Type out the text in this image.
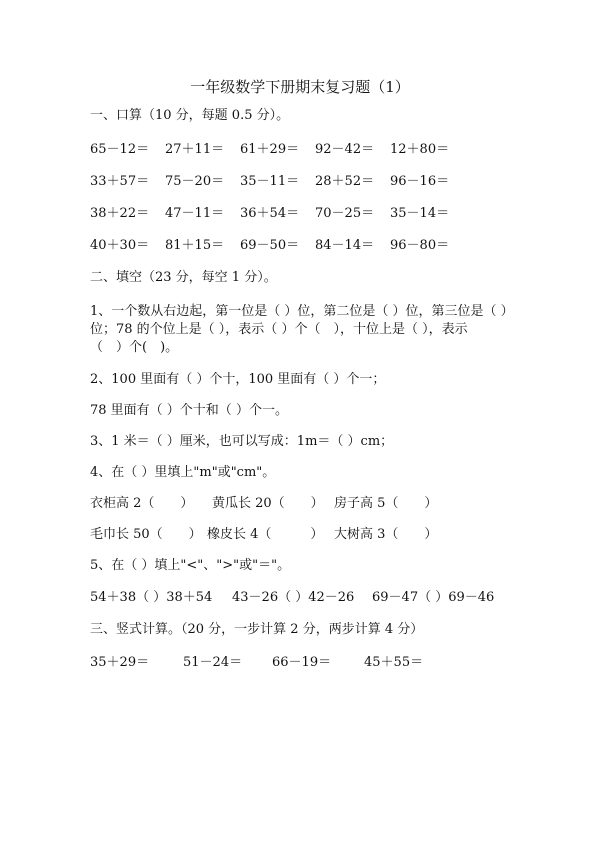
一年级数学下册期末复习题（1）
一、口算（10 分，每题 0.5 分）。
65－12＝ 27＋11＝ 61＋29＝ 92－42＝ 12＋80＝
33＋57＝ 75－20＝ 35－11＝ 28＋52＝ 96－16＝
38＋22＝ 47－11＝ 36＋54＝ 70－25＝ 35－14＝
40＋30＝ 81＋15＝ 69－50＝ 84－14＝ 96－80＝
二、填空（23 分，每空 1 分）。
1、一个数从右边起，第一位是（ ）位，第二位是（ ）位，第三位是（ ）
位；78 的个位上是（ ），表示（ ）个（　），十位上是（ ），表示
（　）个(　)。
2、100 里面有（ ）个十，100 里面有（ ）个一；
78 里面有（ ）个十和（ ）个一。
3、1 米＝（ ）厘米，也可以写成：1m＝（ ）cm；
4、在（ ）里填上"m"或"cm"。
衣柜高 2（　　） 黄瓜长 20（　　） 房子高 5（　　）
毛巾长 50（　　） 橡皮长 4（　　　） 大树高 3（　　）
5、在（ ）填上"<"、">"或"＝"。
54＋38（ ）38＋54 43－26（ ）42－26 69－47（ ）69－46
三、竖式计算。（20 分，一步计算 2 分，两步计算 4 分）
35＋29＝	51－24＝ 66－19＝	45＋55＝
